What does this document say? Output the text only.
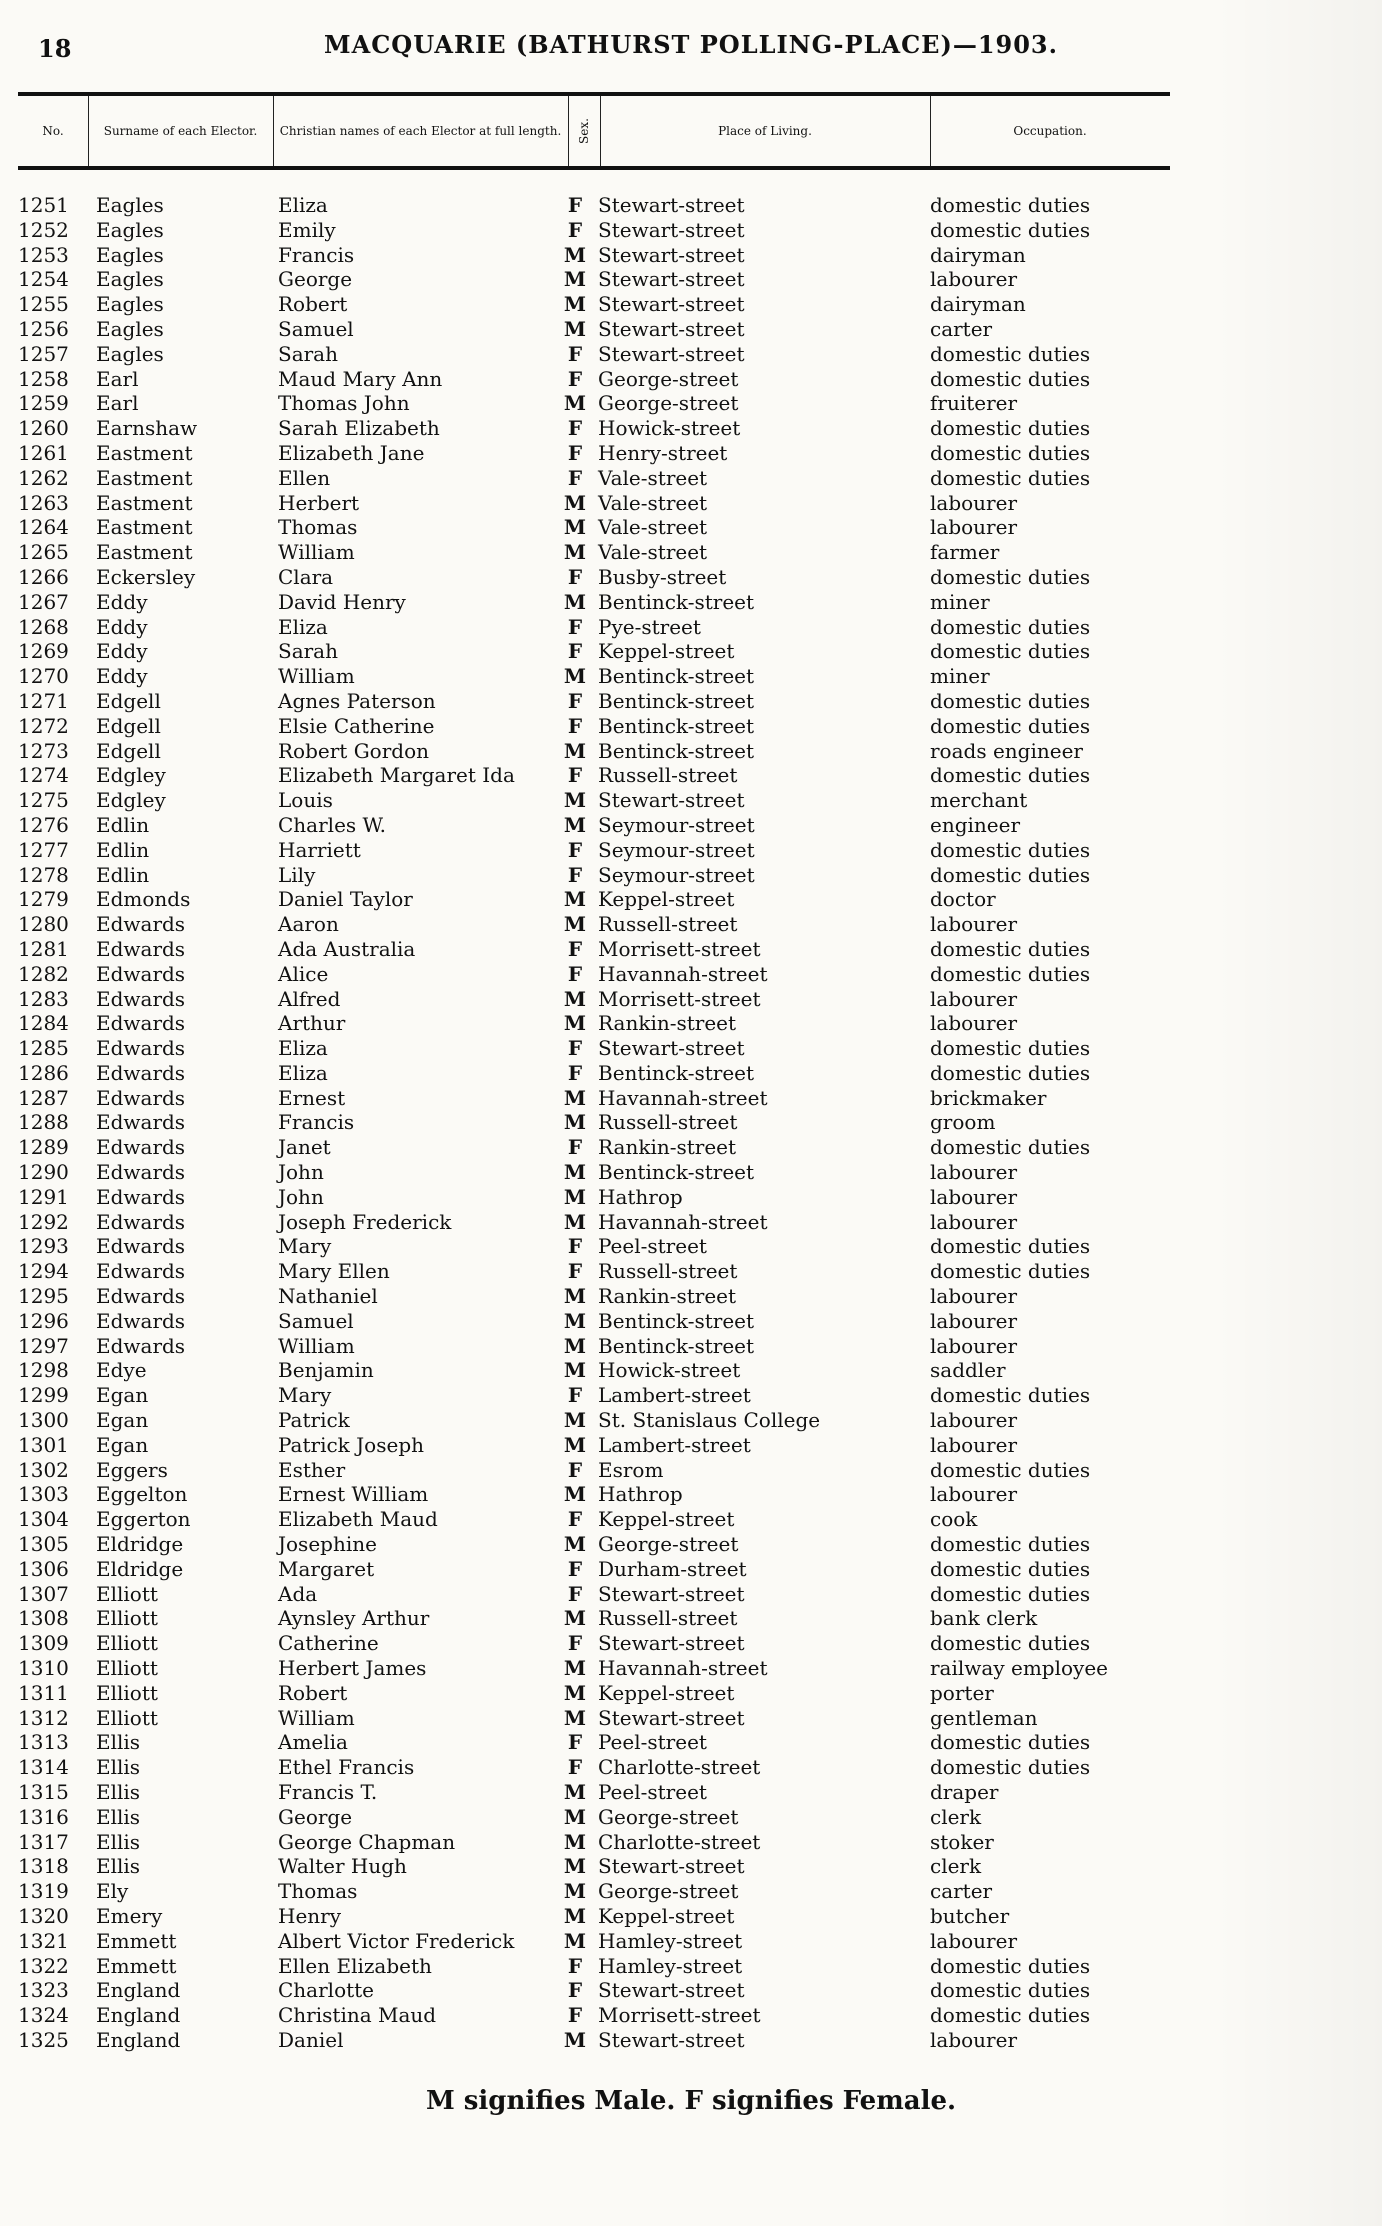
18	MACQUARIE (BATHURST POLLING-PLACE)—1903.
No.	Surname of each Elector.	Christian names of each Elector at full length.	Sex.	Place of Living.	Occupation.
1251 Eagles	Eliza	F Stewart-street	domestic duties
1252 Eagles	Emily	F Stewart-street	domestic duties
1253 Eagles	Francis	M Stewart-street	dairyman
1254 Eagles	George	M Stewart-street	labourer
1255 Eagles	Robert	M Stewart-street	dairyman
1256 Eagles	Samuel	M Stewart-street	carter
1257 Eagles	Sarah	F Stewart-street	domestic duties
1258 Earl	Maud Mary Ann	F George-street	domestic duties
1259 Earl	Thomas John	M George-street	fruiterer
1260 Earnshaw	Sarah Elizabeth	F Howick-street	domestic duties
1261 Eastment	Elizabeth Jane	F Henry-street	domestic duties
1262 Eastment	Ellen	F Vale-street	domestic duties
1263 Eastment	Herbert	M Vale-street	labourer
1264 Eastment	Thomas	M Vale-street	labourer
1265 Eastment	William	M Vale-street	farmer
1266 Eckersley	Clara	F Busby-street	domestic duties
1267 Eddy	David Henry	M Bentinck-street	miner
1268 Eddy	Eliza	F Pye-street	domestic duties
1269 Eddy	Sarah	F Keppel-street	domestic duties
1270 Eddy	William	M Bentinck-street	miner
1271 Edgell	Agnes Paterson	F Bentinck-street	domestic duties
1272 Edgell	Elsie Catherine	F Bentinck-street	domestic duties
1273 Edgell	Robert Gordon	M Bentinck-street	roads engineer
1274 Edgley	Elizabeth Margaret Ida	F Russell-street	domestic duties
1275 Edgley	Louis	M Stewart-street	merchant
1276 Edlin	Charles W.	M Seymour-street	engineer
1277 Edlin	Harriett	F Seymour-street	domestic duties
1278 Edlin	Lily	F Seymour-street	domestic duties
1279 Edmonds	Daniel Taylor	M Keppel-street	doctor
1280 Edwards	Aaron	M Russell-street	labourer
1281 Edwards	Ada Australia	F Morrisett-street	domestic duties
1282 Edwards	Alice	F Havannah-street	domestic duties
1283 Edwards	Alfred	M Morrisett-street	labourer
1284 Edwards	Arthur	M Rankin-street	labourer
1285 Edwards	Eliza	F Stewart-street	domestic duties
1286 Edwards	Eliza	F Bentinck-street	domestic duties
1287 Edwards	Ernest	M Havannah-street	brickmaker
1288 Edwards	Francis	M Russell-street	groom
1289 Edwards	Janet	F Rankin-street	domestic duties
1290 Edwards	John	M Bentinck-street	labourer
1291 Edwards	John	M Hathrop	labourer
1292 Edwards	Joseph Frederick	M Havannah-street	labourer
1293 Edwards	Mary	F Peel-street	domestic duties
1294 Edwards	Mary Ellen	F Russell-street	domestic duties
1295 Edwards	Nathaniel	M Rankin-street	labourer
1296 Edwards	Samuel	M Bentinck-street	labourer
1297 Edwards	William	M Bentinck-street	labourer
1298 Edye	Benjamin	M Howick-street	saddler
1299 Egan	Mary	F Lambert-street	domestic duties
1300 Egan	Patrick	M St. Stanislaus College	labourer
1301 Egan	Patrick Joseph	M Lambert-street	labourer
1302 Eggers	Esther	F Esrom	domestic duties
1303 Eggelton	Ernest William	M Hathrop	labourer
1304 Eggerton	Elizabeth Maud	F Keppel-street	cook
1305 Eldridge	Josephine	M George-street	domestic duties
1306 Eldridge	Margaret	F Durham-street	domestic duties
1307 Elliott	Ada	F Stewart-street	domestic duties
1308 Elliott	Aynsley Arthur	M Russell-street	bank clerk
1309 Elliott	Catherine	F Stewart-street	domestic duties
1310 Elliott	Herbert James	M Havannah-street	railway employee
1311 Elliott	Robert	M Keppel-street	porter
1312 Elliott	William	M Stewart-street	gentleman
1313 Ellis	Amelia	F Peel-street	domestic duties
1314 Ellis	Ethel Francis	F Charlotte-street	domestic duties
1315 Ellis	Francis T.	M Peel-street	draper
1316 Ellis	George	M George-street	clerk
1317 Ellis	George Chapman	M Charlotte-street	stoker
1318 Ellis	Walter Hugh	M Stewart-street	clerk
1319 Ely	Thomas	M George-street	carter
1320 Emery	Henry	M Keppel-street	butcher
1321 Emmett	Albert Victor Frederick M Hamley-street	labourer
1322 Emmett	Ellen Elizabeth	F Hamley-street	domestic duties
1323 England	Charlotte	F Stewart-street	domestic duties
1324 England	Christina Maud	F Morrisett-street	domestic duties
1325 England	Daniel	M Stewart-street	labourer
M signifies Male. F signifies Female.
